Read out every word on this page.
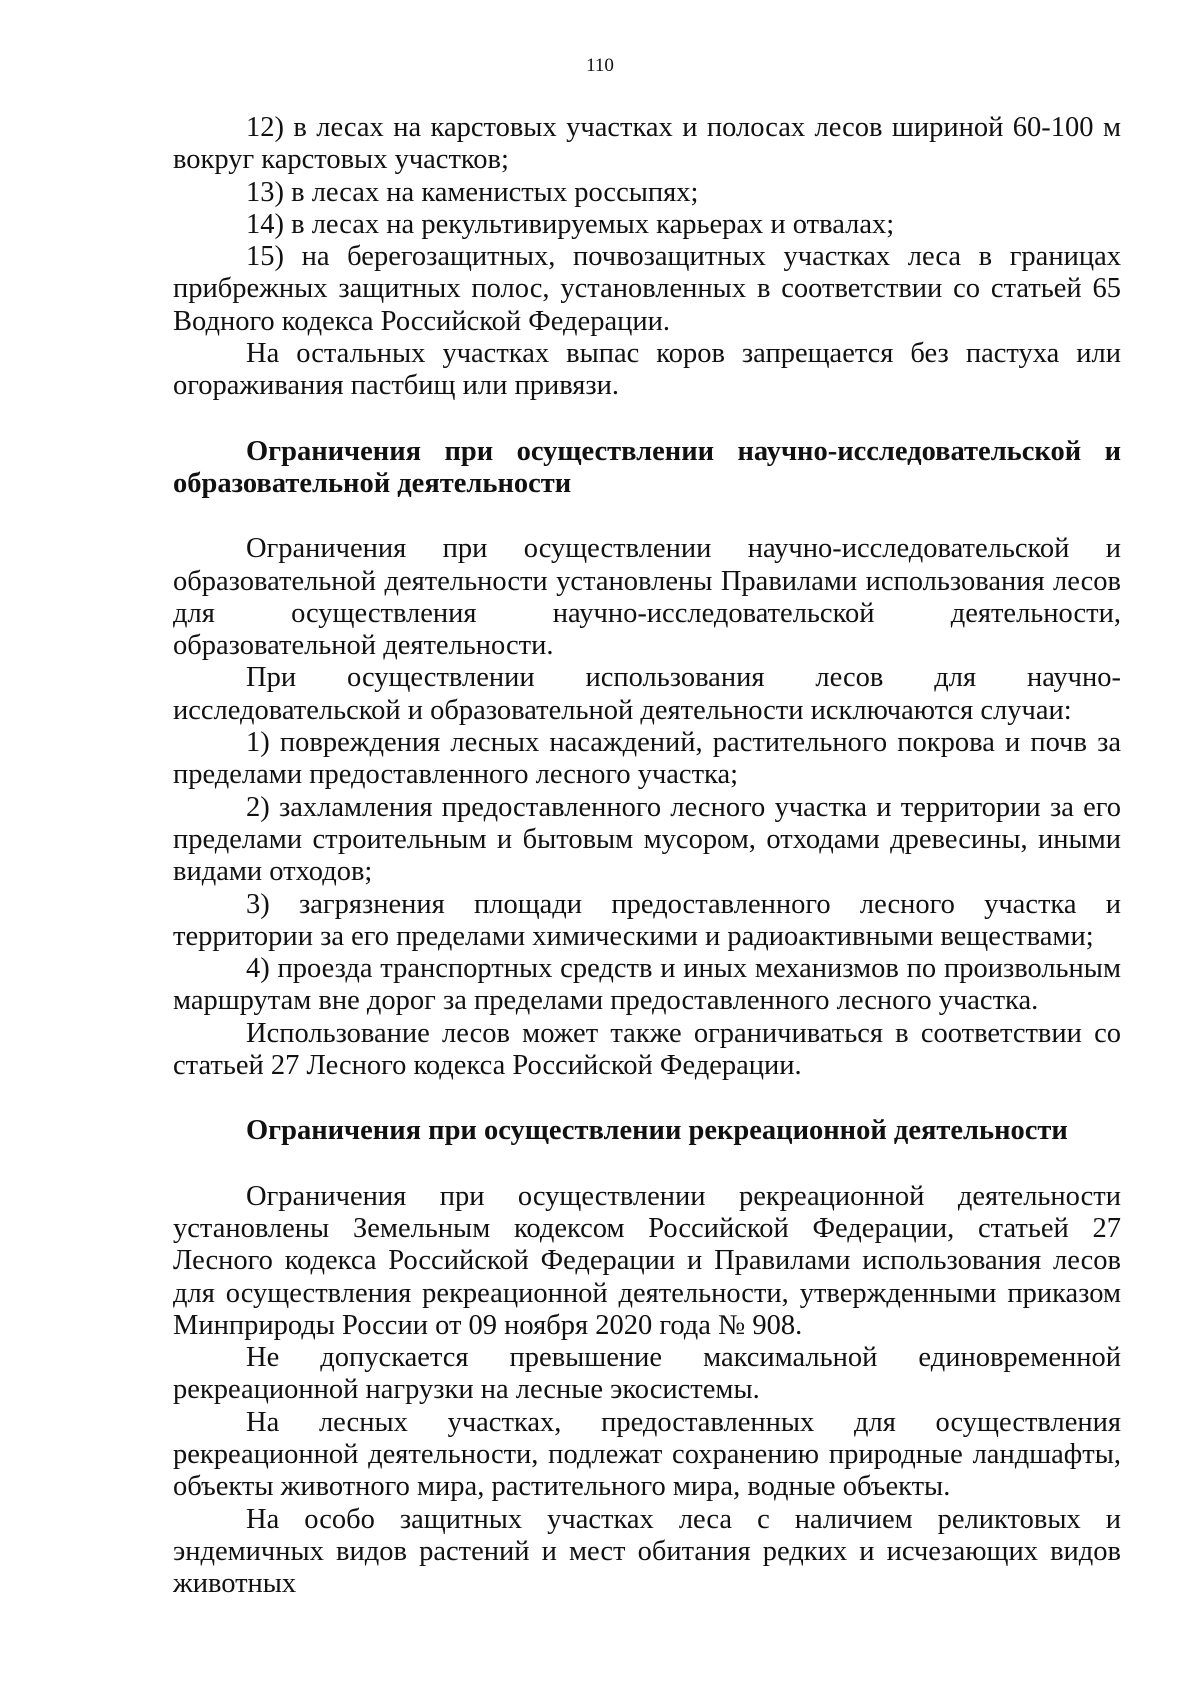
110

12) в лесах на карстовых участках и полосах лесов шириной 60-100 м вокруг карстовых участков;

13) в лесах на каменистых россыпях;

14) в лесах на рекультивируемых карьерах и отвалах;

15) на берегозащитных, почвозащитных участках леса в границах прибрежных защитных полос, установленных в соответствии со статьей 65 Водного кодекса Российской Федерации.

На остальных участках выпас коров запрещается без пастуха или огораживания пастбищ или привязи.

Ограничения при осуществлении научно-исследовательской и образовательной деятельности

Ограничения при осуществлении научно-исследовательской и образовательной деятельности установлены Правилами использования лесов для осуществления научно-исследовательской деятельности, образовательной деятельности.

При осуществлении использования лесов для научно-исследовательской и образовательной деятельности исключаются случаи:

1) повреждения лесных насаждений, растительного покрова и почв за пределами предоставленного лесного участка;

2) захламления предоставленного лесного участка и территории за его пределами строительным и бытовым мусором, отходами древесины, иными видами отходов;

3) загрязнения площади предоставленного лесного участка и территории за его пределами химическими и радиоактивными веществами;

4) проезда транспортных средств и иных механизмов по произвольным маршрутам вне дорог за пределами предоставленного лесного участка.

Использование лесов может также ограничиваться в соответствии со статьей 27 Лесного кодекса Российской Федерации.

Ограничения при осуществлении рекреационной деятельности

Ограничения при осуществлении рекреационной деятельности установлены Земельным кодексом Российской Федерации, статьей 27 Лесного кодекса Российской Федерации и Правилами использования лесов для осуществления рекреационной деятельности, утвержденными приказом Минприроды России от 09 ноября 2020 года № 908.

Не допускается превышение максимальной единовременной рекреационной нагрузки на лесные экосистемы.

На лесных участках, предоставленных для осуществления рекреационной деятельности, подлежат сохранению природные ландшафты, объекты животного мира, растительного мира, водные объекты.

На особо защитных участках леса с наличием реликтовых и эндемичных видов растений и мест обитания редких и исчезающих видов животных
